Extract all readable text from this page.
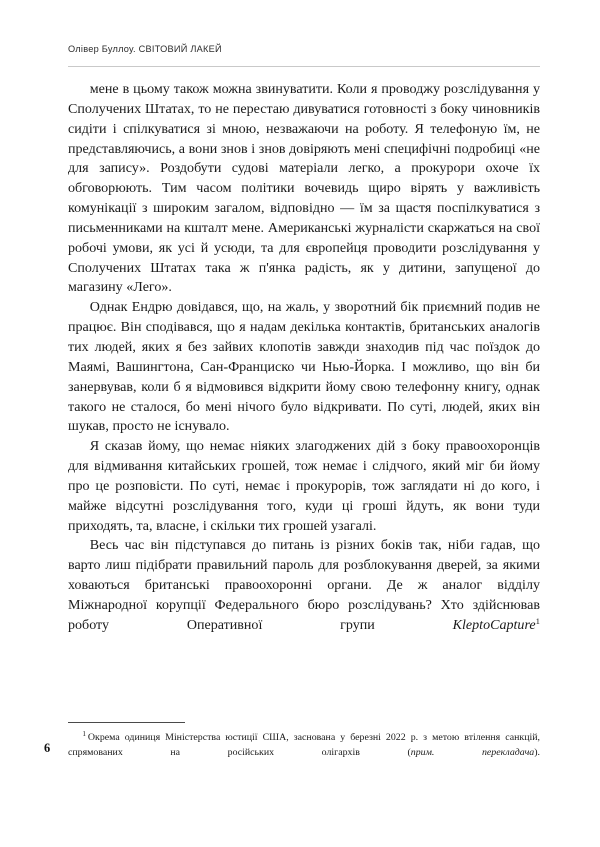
Олівер Буллоу. СВІТОВИЙ ЛАКЕЙ

мене в цьому також можна звинуватити. Коли я проводжу розслідування у Сполучених Штатах, то не перестаю дивуватися готовності з боку чиновників сидіти і спілкуватися зі мною, незважаючи на роботу. Я телефоную їм, не представляючись, а вони знов і знов довіряють мені специфічні подробиці «не для запису». Роздобути судові матеріали легко, а прокурори охоче їх обговорюють. Тим часом політики вочевидь щиро вірять у важливість комунікації з широким загалом, відповідно — їм за щастя поспілкуватися з письменниками на кшталт мене. Американські журналісти скаржаться на свої робочі умови, як усі й усюди, та для європейця проводити розслідування у Сполучених Штатах така ж п'янка радість, як у дитини, запущеної до магазину «Лего».

Однак Ендрю довідався, що, на жаль, у зворотний бік приємний подив не працює. Він сподівався, що я надам декілька контактів, британських аналогів тих людей, яких я без зайвих клопотів завжди знаходив під час поїздок до Маямі, Вашингтона, Сан-Франциско чи Нью-Йорка. І можливо, що він би занервував, коли б я відмовився відкрити йому свою телефонну книгу, однак такого не сталося, бо мені нічого було відкривати. По суті, людей, яких він шукав, просто не існувало.

Я сказав йому, що немає ніяких злагоджених дій з боку правоохоронців для відмивання китайських грошей, тож немає і слідчого, який міг би йому про це розповісти. По суті, немає і прокурорів, тож заглядати ні до кого, і майже відсутні розслідування того, куди ці гроші йдуть, як вони туди приходять, та, власне, і скільки тих грошей узагалі.

Весь час він підступався до питань із різних боків так, ніби гадав, що варто лиш підібрати правильний пароль для розблокування дверей, за якими ховаються британські правоохоронні органи. Де ж аналог відділу Міжнародної корупції Федерального бюро розслідувань? Хто здійснював роботу Оперативної групи KleptoCapture$^1$

$^1$ Окрема одиниця Міністерства юстиції США, заснована у березні 2022 р. з метою втілення санкцій, спрямованих на російських олігархів (прим. перекладача).
6
